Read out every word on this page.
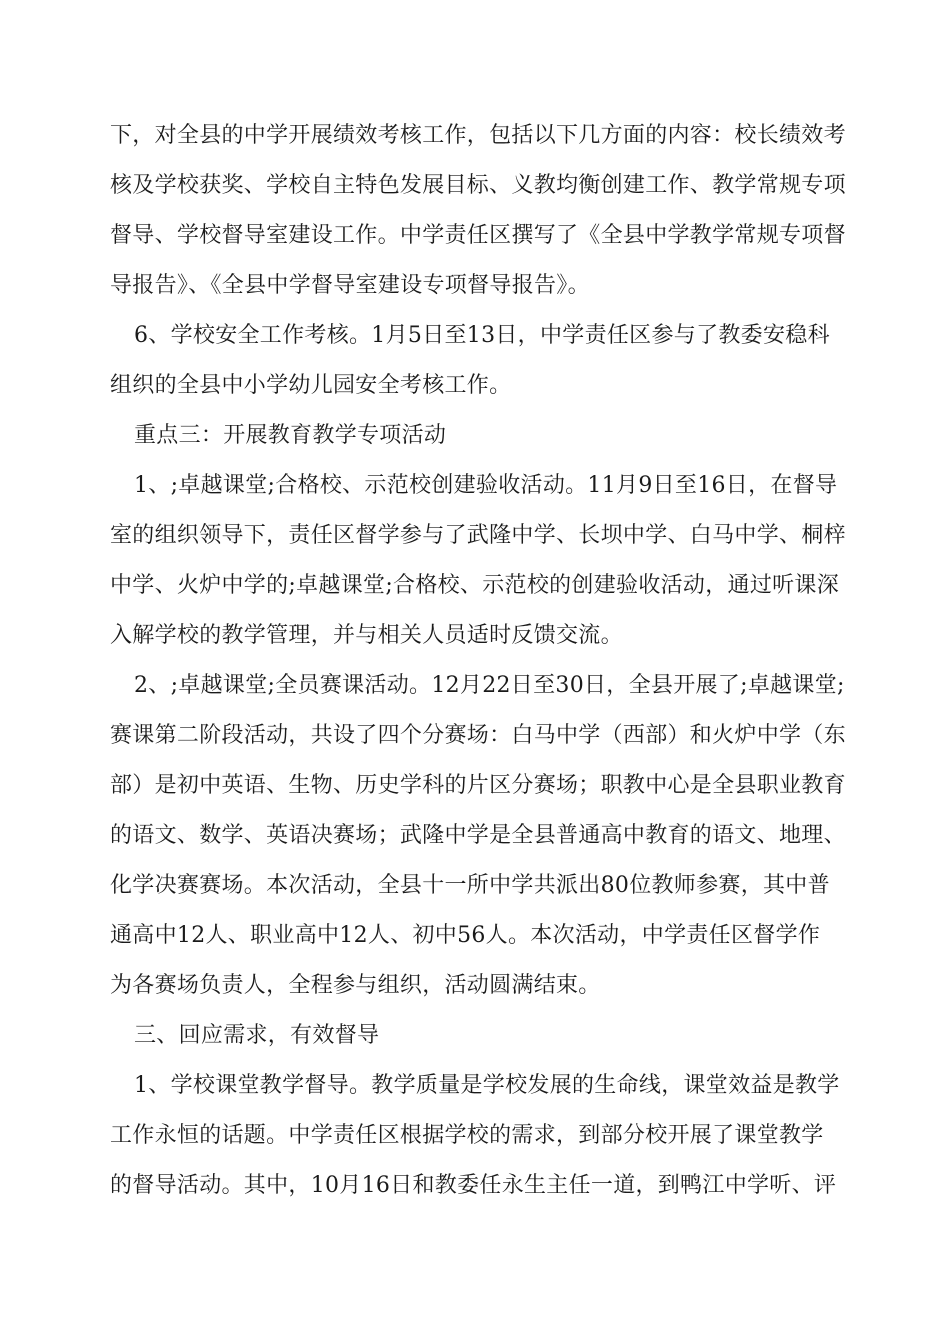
下，对全县的中学开展绩效考核工作，包括以下几方面的内容：校长绩效考
核及学校获奖、学校自主特色发展目标、义教均衡创建工作、教学常规专项
督导、学校督导室建设工作。中学责任区撰写了《全县中学教学常规专项督
导报告》、《全县中学督导室建设专项督导报告》。
6、学校安全工作考核。1月5日至13日，中学责任区参与了教委安稳科
组织的全县中小学幼儿园安全考核工作。
重点三：开展教育教学专项活动
1、;卓越课堂;合格校、示范校创建验收活动。11月9日至16日，在督导
室的组织领导下，责任区督学参与了武隆中学、长坝中学、白马中学、桐梓
中学、火炉中学的;卓越课堂;合格校、示范校的创建验收活动，通过听课深
入解学校的教学管理，并与相关人员适时反馈交流。
2、;卓越课堂;全员赛课活动。12月22日至30日，全县开展了;卓越课堂;
赛课第二阶段活动，共设了四个分赛场：白马中学（西部）和火炉中学（东
部）是初中英语、生物、历史学科的片区分赛场；职教中心是全县职业教育
的语文、数学、英语决赛场；武隆中学是全县普通高中教育的语文、地理、
化学决赛赛场。本次活动，全县十一所中学共派出80位教师参赛，其中普
通高中12人、职业高中12人、初中56人。本次活动，中学责任区督学作
为各赛场负责人，全程参与组织，活动圆满结束。
三、回应需求，有效督导
1、学校课堂教学督导。教学质量是学校发展的生命线，课堂效益是教学
工作永恒的话题。中学责任区根据学校的需求，到部分校开展了课堂教学
的督导活动。其中，10月16日和教委任永生主任一道，到鸭江中学听、评
